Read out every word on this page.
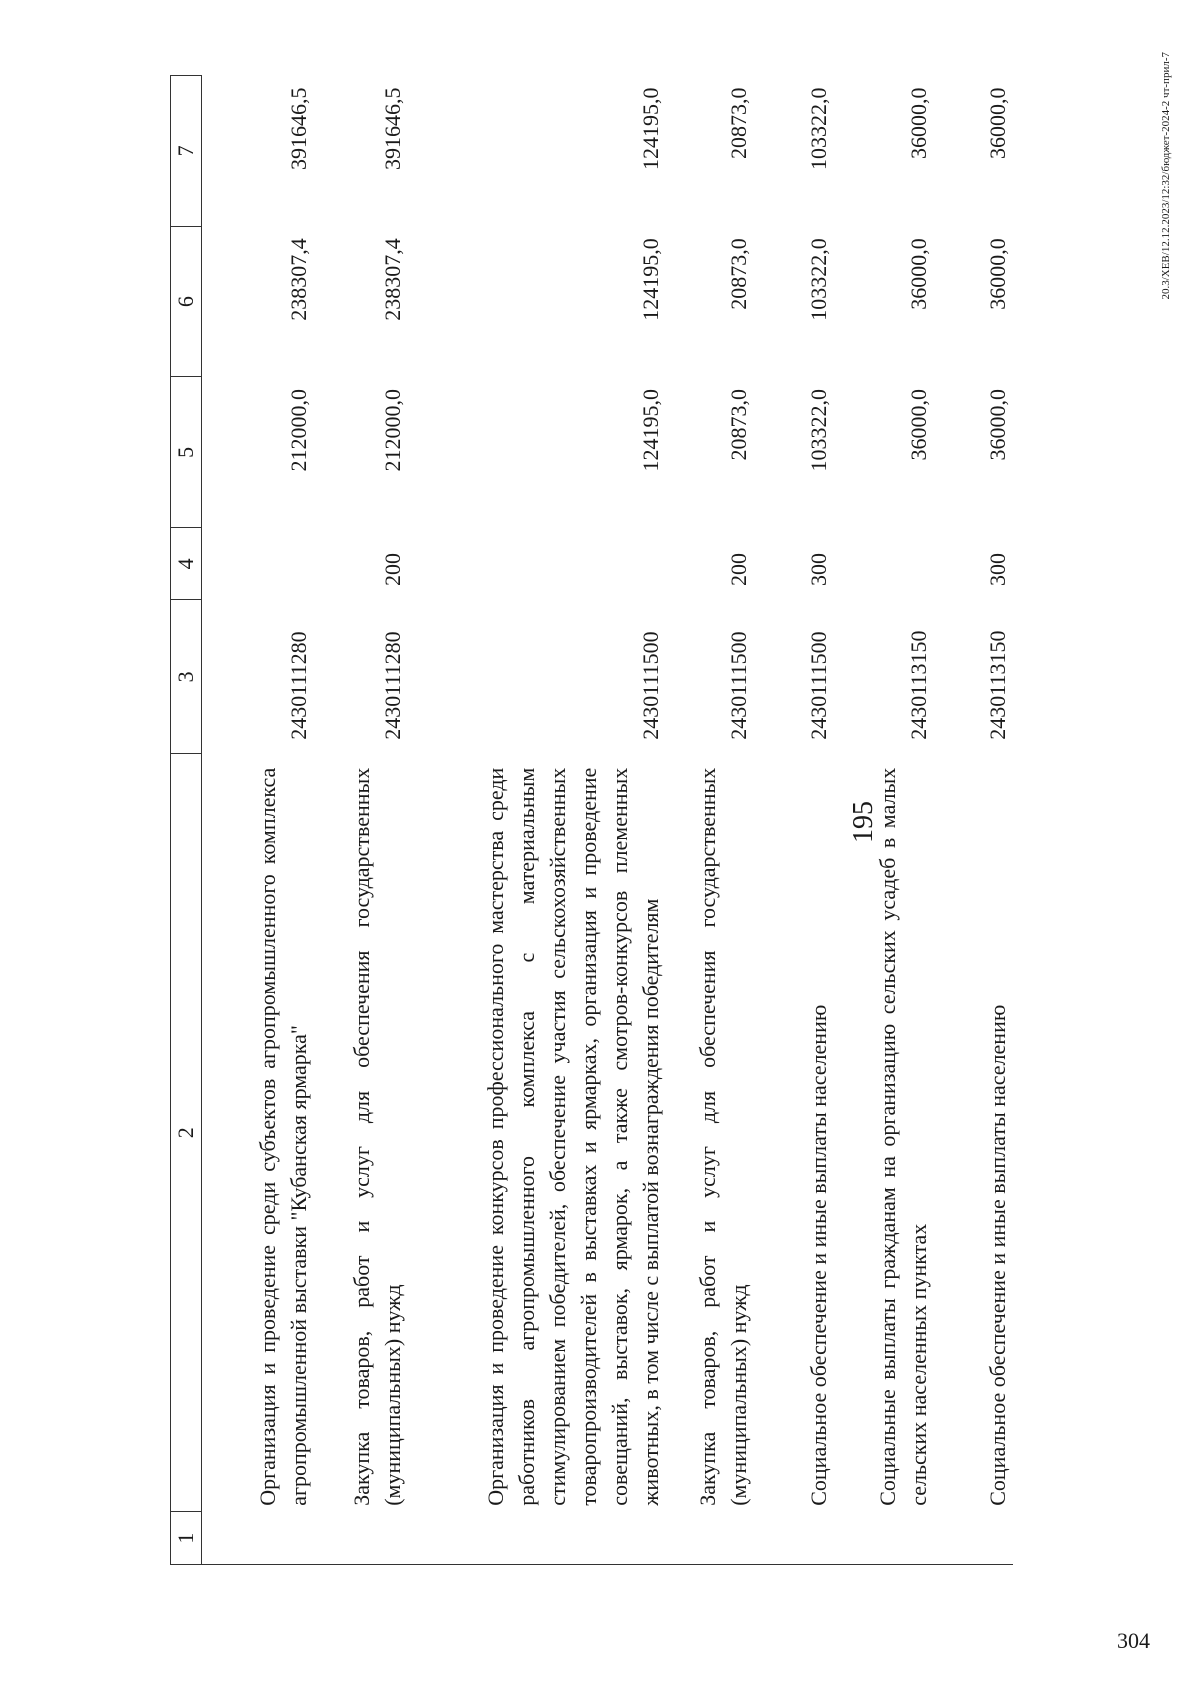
1	2	3	4	5	6	7
	Организация и проведение среди субъектов агропромышленного комплекса агропромышленной выставки "Кубанская ярмарка"	2430111280		212000,0	238307,4	391646,5
	Закупка товаров, работ и услуг для обеспечения государственных (муниципальных) нужд	2430111280	200	212000,0	238307,4	391646,5
	Организация и проведение конкурсов профессионального мастерства среди работников агропромышленного комплекса с материальным стимулированием победителей, обеспечение участия сельскохозяйственных товаропроизводителей в выставках и ярмарках, организация и проведение совещаний, выставок, ярмарок, а также смотров-конкурсов племенных животных, в том числе с выплатой вознаграждения победителям	2430111500		124195,0	124195,0	124195,0
	Закупка товаров, работ и услуг для обеспечения государственных (муниципальных) нужд	2430111500	200	20873,0	20873,0	20873,0
	Социальное обеспечение и иные выплаты населению	2430111500	300	103322,0	103322,0	103322,0
	Социальные выплаты гражданам на организацию сельских усадеб в малых сельских населенных пунктах	2430113150		36000,0	36000,0	36000,0
	Социальное обеспечение и иные выплаты населению	2430113150	300	36000,0	36000,0	36000,0
195
20.3/ХЕВ/12.12.2023/12:32/бюджет-2024-2 чт-прил-7
304
